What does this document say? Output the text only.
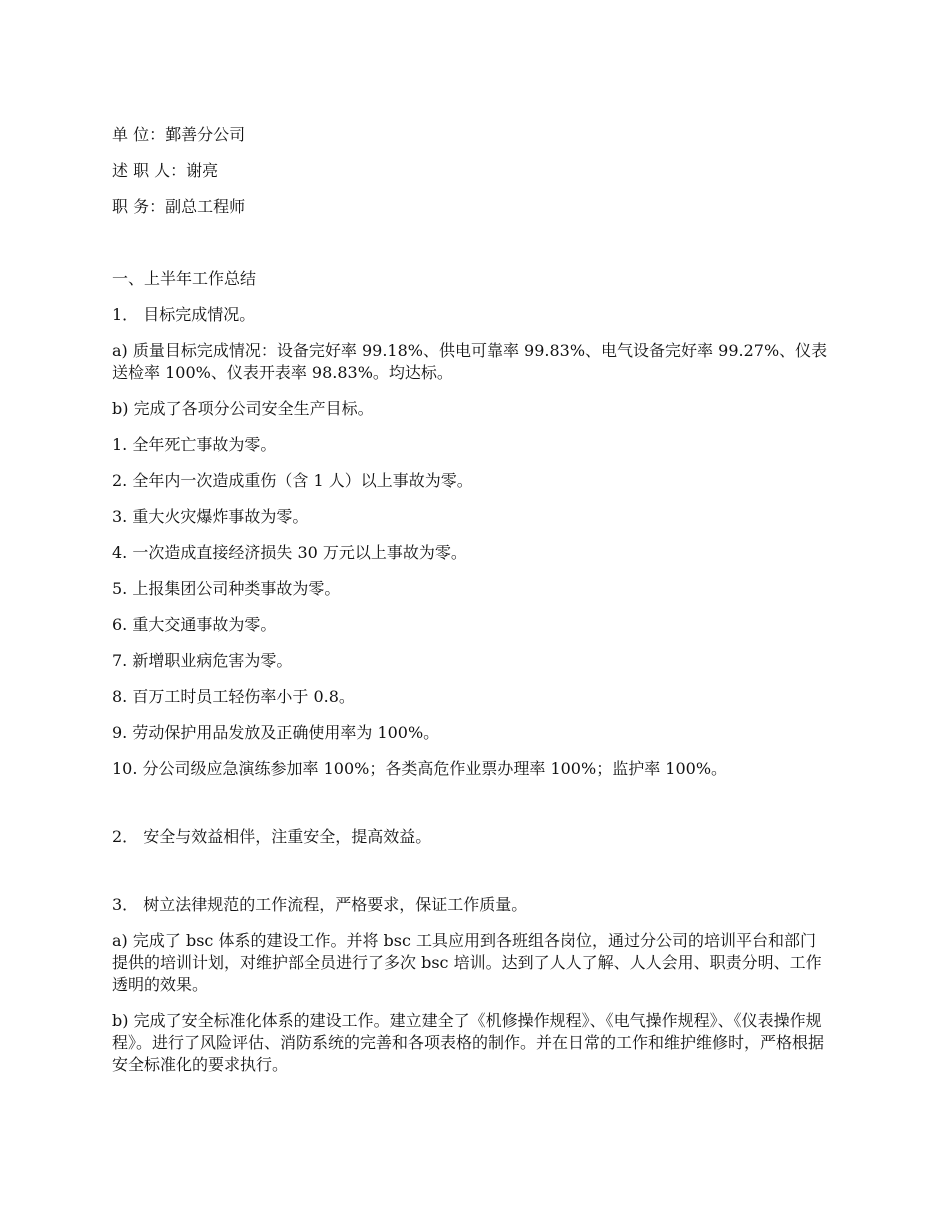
单 位：鄞善分公司
述 职 人：谢亮
职 务：副总工程师
一、上半年工作总结
1． 目标完成情况。
a) 质量目标完成情况：设备完好率 99.18%、供电可靠率 99.83%、电气设备完好率 99.27%、仪表送检率 100%、仪表开表率 98.83%。均达标。
b) 完成了各项分公司安全生产目标。
1. 全年死亡事故为零。
2. 全年内一次造成重伤（含 1 人）以上事故为零。
3. 重大火灾爆炸事故为零。
4. 一次造成直接经济损失 30 万元以上事故为零。
5. 上报集团公司种类事故为零。
6. 重大交通事故为零。
7. 新增职业病危害为零。
8. 百万工时员工轻伤率小于 0.8。
9. 劳动保护用品发放及正确使用率为 100%。
10. 分公司级应急演练参加率 100%；各类高危作业票办理率 100%；监护率 100%。
2． 安全与效益相伴，注重安全，提高效益。
3． 树立法律规范的工作流程，严格要求，保证工作质量。
a) 完成了 bsc 体系的建设工作。并将 bsc 工具应用到各班组各岗位，通过分公司的培训平台和部门提供的培训计划，对维护部全员进行了多次 bsc 培训。达到了人人了解、人人会用、职责分明、工作透明的效果。
b) 完成了安全标准化体系的建设工作。建立建全了《机修操作规程》、《电气操作规程》、《仪表操作规程》。进行了风险评估、消防系统的完善和各项表格的制作。并在日常的工作和维护维修时，严格根据安全标准化的要求执行。
